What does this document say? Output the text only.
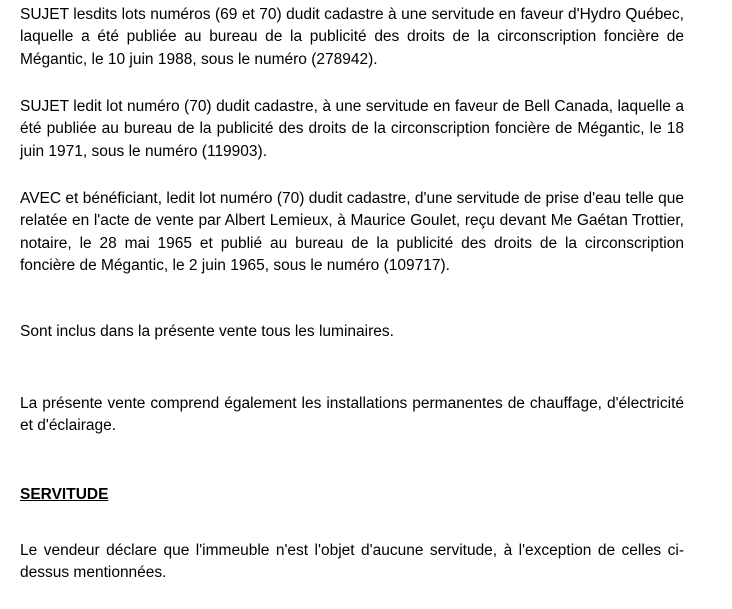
SUJET lesdits lots numéros (69 et 70) dudit cadastre à une servitude en faveur d'Hydro Québec, laquelle a été publiée au bureau de la publicité des droits de la circonscription foncière de Mégantic, le 10 juin 1988, sous le numéro (278942).

SUJET ledit lot numéro (70) dudit cadastre, à une servitude en faveur de Bell Canada, laquelle a été publiée au bureau de la publicité des droits de la circonscription foncière de Mégantic, le 18 juin 1971, sous le numéro (119903).

AVEC et bénéficiant, ledit lot numéro (70) dudit cadastre, d'une servitude de prise d'eau telle que relatée en l'acte de vente par Albert Lemieux, à Maurice Goulet, reçu devant Me Gaétan Trottier, notaire, le 28 mai 1965 et publié au bureau de la publicité des droits de la circonscription foncière de Mégantic, le 2 juin 1965, sous le numéro (109717).

Sont inclus dans la présente vente tous les luminaires.

La présente vente comprend également les installations permanentes de chauffage, d'électricité et d'éclairage.

SERVITUDE

Le vendeur déclare que l'immeuble n'est l'objet d'aucune servitude, à l'exception de celles ci-dessus mentionnées.
